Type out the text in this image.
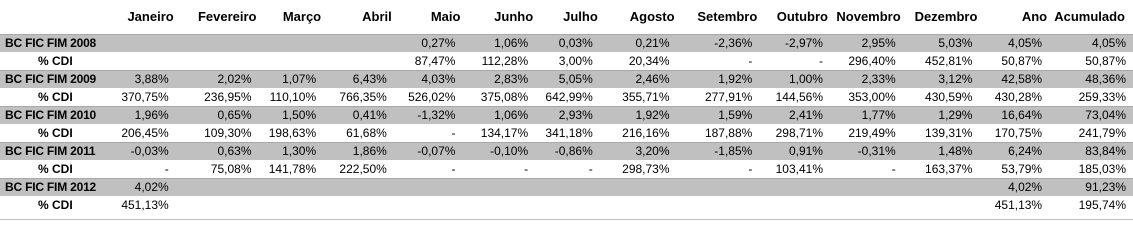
	Janeiro	Fevereiro	Março	Abril	Maio	Junho	Julho	Agosto	Setembro	Outubro	Novembro	Dezembro	Ano	Acumulado
BC FIC FIM 2008					0,27%	1,06%	0,03%	0,21%	-2,36%	-2,97%	2,95%	5,03%	4,05%	4,05%
% CDI					87,47%	112,28%	3,00%	20,34%	-	-	296,40%	452,81%	50,87%	50,87%
BC FIC FIM 2009	3,88%	2,02%	1,07%	6,43%	4,03%	2,83%	5,05%	2,46%	1,92%	1,00%	2,33%	3,12%	42,58%	48,36%
% CDI	370,75%	236,95%	110,10%	766,35%	526,02%	375,08%	642,99%	355,71%	277,91%	144,56%	353,00%	430,59%	430,28%	259,33%
BC FIC FIM 2010	1,96%	0,65%	1,50%	0,41%	-1,32%	1,06%	2,93%	1,92%	1,59%	2,41%	1,77%	1,29%	16,64%	73,04%
% CDI	206,45%	109,30%	198,63%	61,68%	-	134,17%	341,18%	216,16%	187,88%	298,71%	219,49%	139,31%	170,75%	241,79%
BC FIC FIM 2011	-0,03%	0,63%	1,30%	1,86%	-0,07%	-0,10%	-0,86%	3,20%	-1,85%	0,91%	-0,31%	1,48%	6,24%	83,84%
% CDI	-	75,08%	141,78%	222,50%	-	-	-	298,73%	-	103,41%	-	163,37%	53,79%	185,03%
BC FIC FIM 2012	4,02%												4,02%	91,23%
% CDI	451,13%												451,13%	195,74%
